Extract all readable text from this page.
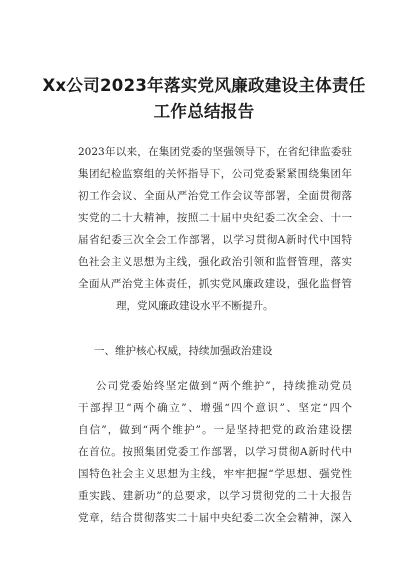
Xx公司2023年落实党风廉政建设主体责任
工作总结报告
2023年以来，在集团党委的坚强领导下，在省纪律监委驻
集团纪检监察组的关怀指导下，公司党委紧紧围绕集团年
初工作会议、全面从严治党工作会议等部署，全面贯彻落
实党的二十大精神，按照二十届中央纪委二次全会、十一
届省纪委三次全会工作部署，以学习贯彻A新时代中国特
色社会主义思想为主线，强化政治引领和监督管理，落实
全面从严治党主体责任，抓实党风廉政建设，强化监督管
理，党风廉政建设水平不断提升。
一、维护核心权威，持续加强政治建设
公司党委始终坚定做到“两个维护”，持续推动党员
干部捍卫“两个确立”、增强“四个意识”、坚定“四个
自信”，做到“两个维护”。一是坚持把党的政治建设摆
在首位。按照集团党委工作部署，以学习贯彻A新时代中
国特色社会主义思想为主线，牢牢把握“学思想、强党性
重实践、建新功”的总要求，以学习贯彻党的二十大报告
党章，结合贯彻落实二十届中央纪委二次全会精神，深入
